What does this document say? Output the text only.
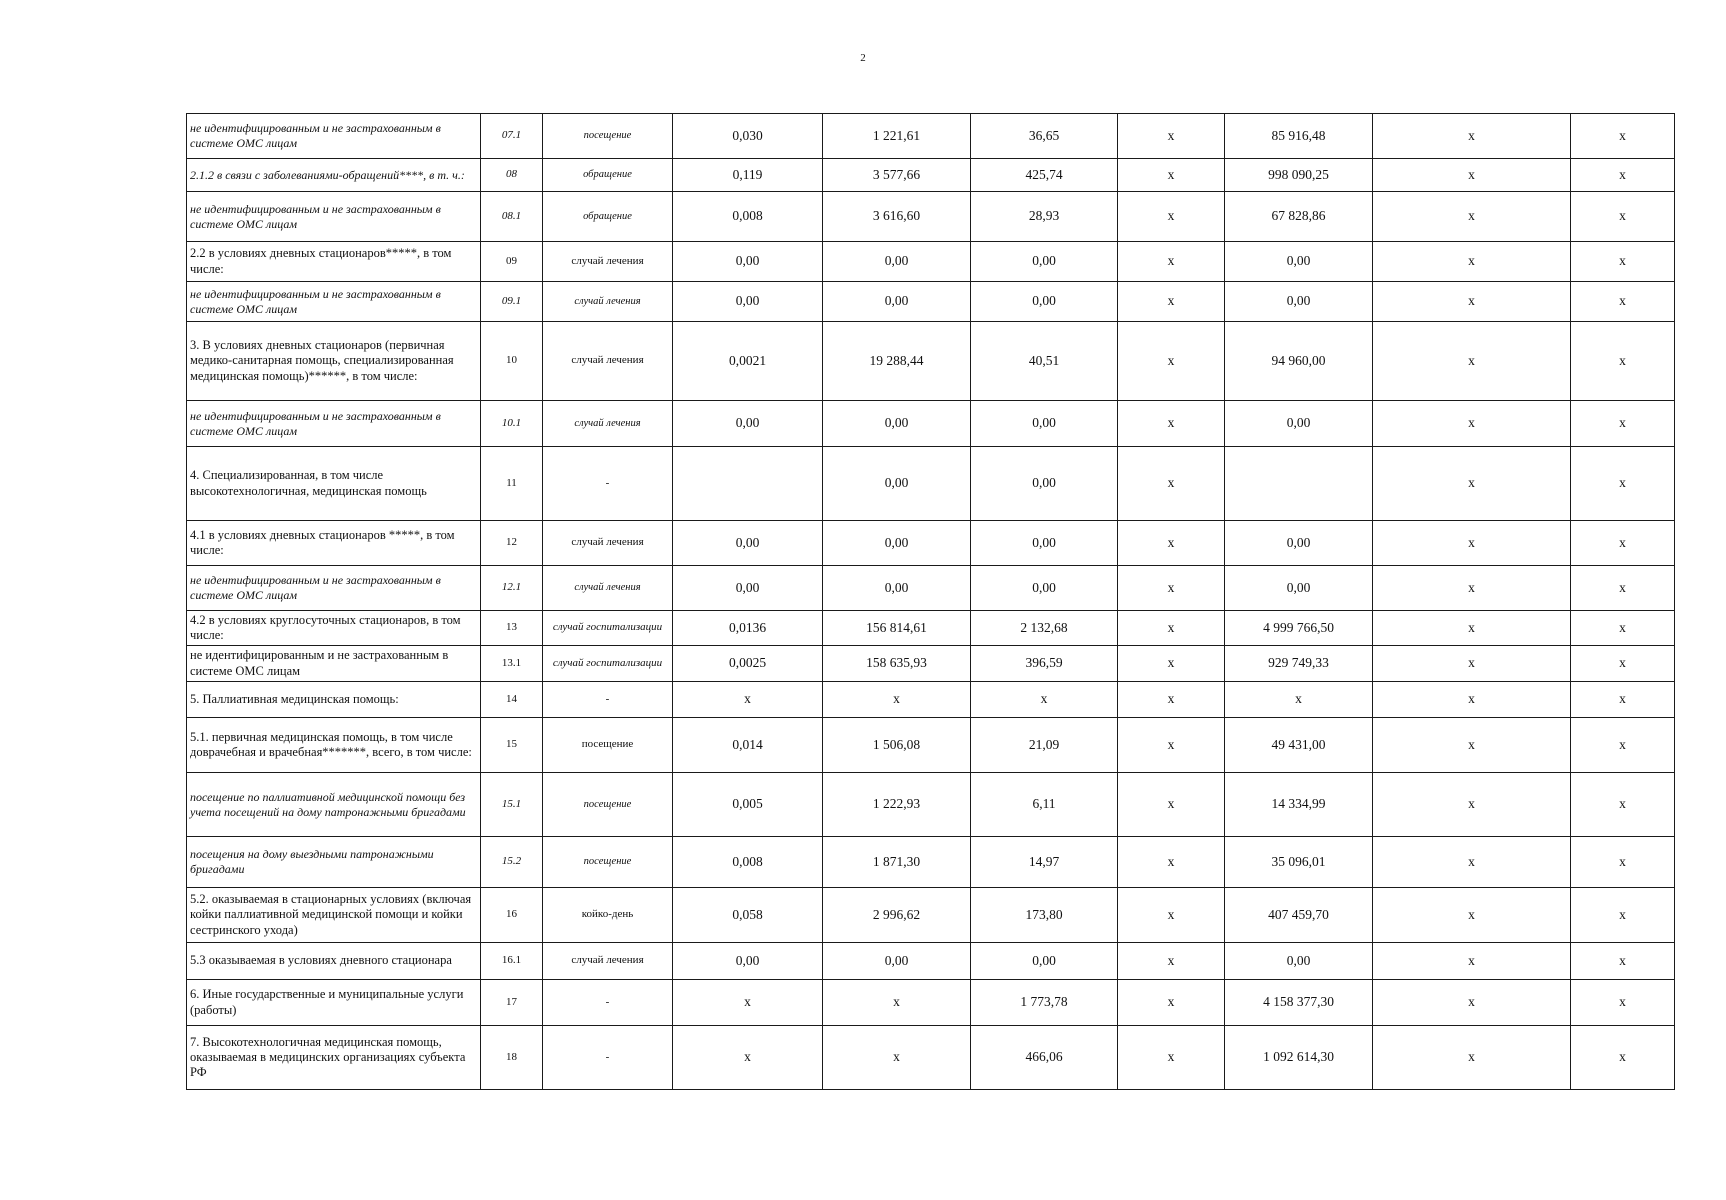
2
не идентифицированным и не застрахованным в системе ОМС лицам	07.1	посещение	0,030	1 221,61	36,65	x	85 916,48	x	x
2.1.2 в связи с заболеваниями-обращений****, в т. ч.:	08	обращение	0,119	3 577,66	425,74	x	998 090,25	x	x
не идентифицированным и не застрахованным в системе ОМС лицам	08.1	обращение	0,008	3 616,60	28,93	x	67 828,86	x	x
2.2 в условиях дневных стационаров*****, в том числе:	09	случай лечения	0,00	0,00	0,00	x	0,00	x	x
не идентифицированным и не застрахованным в системе ОМС лицам	09.1	случай лечения	0,00	0,00	0,00	x	0,00	x	x
3. В условиях дневных стационаров (первичная медико-санитарная помощь, специализированная медицинская помощь)******, в том числе:	10	случай лечения	0,0021	19 288,44	40,51	x	94 960,00	x	x
не идентифицированным и не застрахованным в системе ОМС лицам	10.1	случай лечения	0,00	0,00	0,00	x	0,00	x	x
4. Специализированная, в том числе высокотехнологичная, медицинская помощь	11	-		0,00	0,00	x		x	x
4.1 в условиях дневных стационаров *****, в том числе:	12	случай лечения	0,00	0,00	0,00	x	0,00	x	x
не идентифицированным и не застрахованным в системе ОМС лицам	12.1	случай лечения	0,00	0,00	0,00	x	0,00	x	x
4.2 в условиях круглосуточных стационаров, в том числе:	13	случай госпитализации	0,0136	156 814,61	2 132,68	x	4 999 766,50	x	x
не идентифицированным и не застрахованным в системе ОМС лицам	13.1	случай госпитализации	0,0025	158 635,93	396,59	x	929 749,33	x	x
5. Паллиативная медицинская помощь:	14	-	x	x	x	x	x	x	x
5.1. первичная медицинская помощь, в том числе доврачебная и врачебная*******, всего, в том числе:	15	посещение	0,014	1 506,08	21,09	x	49 431,00	x	x
посещение по паллиативной медицинской помощи без учета посещений на дому патронажными бригадами	15.1	посещение	0,005	1 222,93	6,11	x	14 334,99	x	x
посещения на дому выездными патронажными бригадами	15.2	посещение	0,008	1 871,30	14,97	x	35 096,01	x	x
5.2. оказываемая в стационарных условиях (включая койки паллиативной медицинской помощи и койки сестринского ухода)	16	койко-день	0,058	2 996,62	173,80	x	407 459,70	x	x
5.3 оказываемая в условиях дневного стационара	16.1	случай лечения	0,00	0,00	0,00	x	0,00	x	x
6. Иные государственные и муниципальные услуги (работы)	17	-	x	x	1 773,78	x	4 158 377,30	x	x
7. Высокотехнологичная медицинская помощь, оказываемая в медицинских организациях субъекта РФ	18	-	x	x	466,06	x	1 092 614,30	x	x
